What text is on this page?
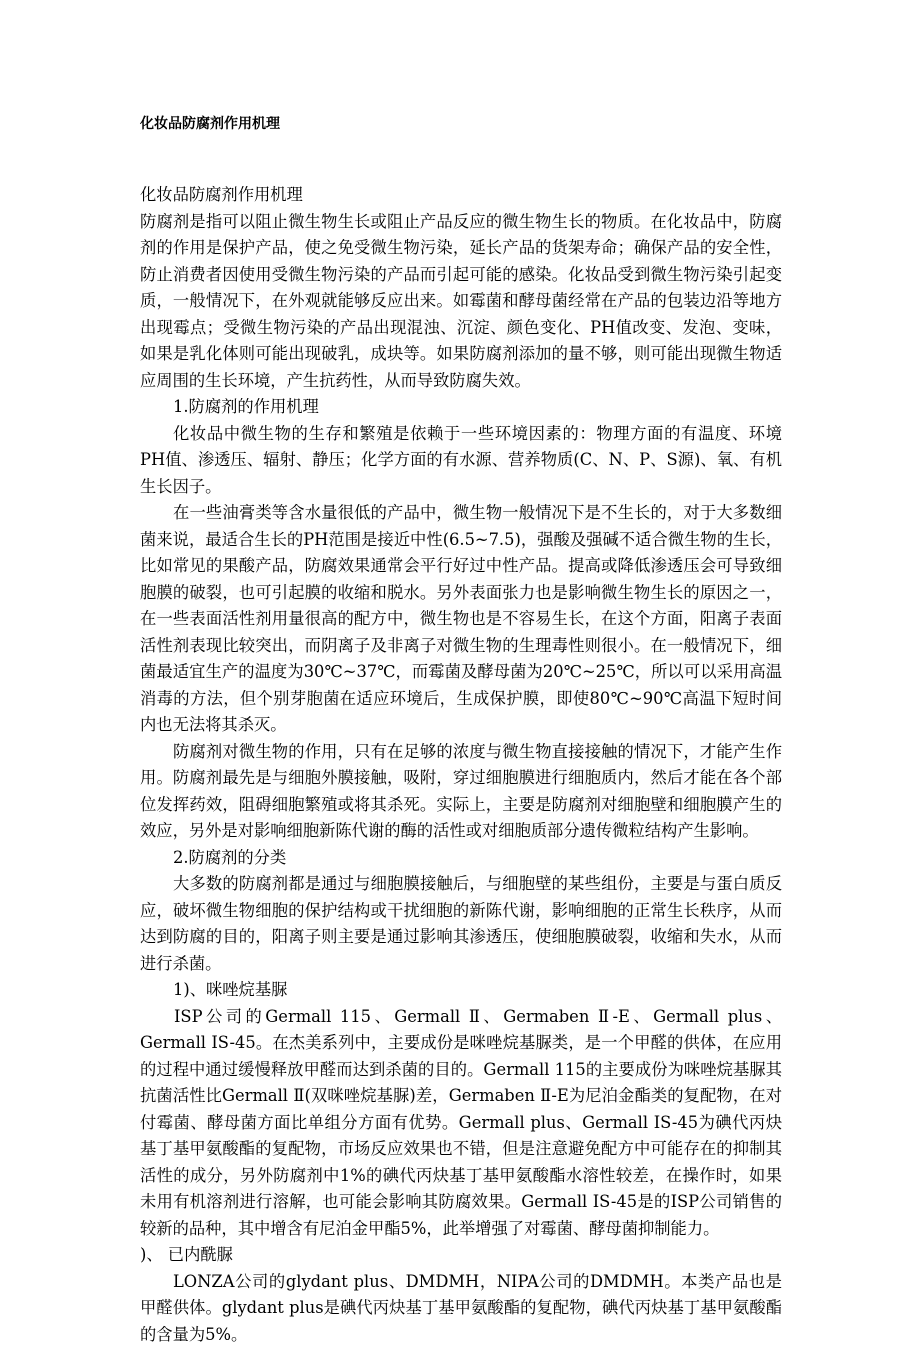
化妆品防腐剂作用机理

化妆品防腐剂作用机理

防腐剂是指可以阻止微生物生长或阻止产品反应的微生物生长的物质。在化妆品中，防腐剂的作用是保护产品，使之免受微生物污染，延长产品的货架寿命；确保产品的安全性，防止消费者因使用受微生物污染的产品而引起可能的感染。化妆品受到微生物污染引起变质，一般情况下，在外观就能够反应出来。如霉菌和酵母菌经常在产品的包装边沿等地方出现霉点；受微生物污染的产品出现混浊、沉淀、颜色变化、PH值改变、发泡、变味，如果是乳化体则可能出现破乳，成块等。如果防腐剂添加的量不够，则可能出现微生物适应周围的生长环境，产生抗药性，从而导致防腐失效。

1.防腐剂的作用机理

化妆品中微生物的生存和繁殖是依赖于一些环境因素的：物理方面的有温度、环境PH值、渗透压、辐射、静压；化学方面的有水源、营养物质(C、N、P、S源)、氧、有机生长因子。

在一些油膏类等含水量很低的产品中，微生物一般情况下是不生长的，对于大多数细菌来说，最适合生长的PH范围是接近中性(6.5~7.5)，强酸及强碱不适合微生物的生长，比如常见的果酸产品，防腐效果通常会平行好过中性产品。提高或降低渗透压会可导致细胞膜的破裂，也可引起膜的收缩和脱水。另外表面张力也是影响微生物生长的原因之一，在一些表面活性剂用量很高的配方中，微生物也是不容易生长，在这个方面，阳离子表面活性剂表现比较突出，而阴离子及非离子对微生物的生理毒性则很小。在一般情况下，细菌最适宜生产的温度为30℃~37℃，而霉菌及酵母菌为20℃~25℃，所以可以采用高温消毒的方法，但个别芽胞菌在适应环境后，生成保护膜，即使80℃~90℃高温下短时间内也无法将其杀灭。

防腐剂对微生物的作用，只有在足够的浓度与微生物直接接触的情况下，才能产生作用。防腐剂最先是与细胞外膜接触，吸附，穿过细胞膜进行细胞质内，然后才能在各个部位发挥药效，阻碍细胞繁殖或将其杀死。实际上，主要是防腐剂对细胞壁和细胞膜产生的效应，另外是对影响细胞新陈代谢的酶的活性或对细胞质部分遗传微粒结构产生影响。

2.防腐剂的分类

大多数的防腐剂都是通过与细胞膜接触后，与细胞壁的某些组份，主要是与蛋白质反应，破坏微生物细胞的保护结构或干扰细胞的新陈代谢，影响细胞的正常生长秩序，从而达到防腐的目的，阳离子则主要是通过影响其渗透压，使细胞膜破裂，收缩和失水，从而进行杀菌。

1)、咪唑烷基脲

ISP公司的Germall 115、Germall Ⅱ、Germaben Ⅱ-E、Germall plus、Germall IS-45。在杰美系列中，主要成份是咪唑烷基脲类，是一个甲醛的供体，在应用的过程中通过缓慢释放甲醛而达到杀菌的目的。Germall 115的主要成份为咪唑烷基脲其抗菌活性比Germall Ⅱ(双咪唑烷基脲)差，Germaben Ⅱ-E为尼泊金酯类的复配物，在对付霉菌、酵母菌方面比单组分方面有优势。Germall plus、Germall IS-45为碘代丙炔基丁基甲氨酸酯的复配物，市场反应效果也不错，但是注意避免配方中可能存在的抑制其活性的成分，另外防腐剂中1%的碘代丙炔基丁基甲氨酸酯水溶性较差，在操作时，如果未用有机溶剂进行溶解，也可能会影响其防腐效果。Germall IS-45是的ISP公司销售的较新的品种，其中增含有尼泊金甲酯5%，此举增强了对霉菌、酵母菌抑制能力。

)、 已内酰脲

LONZA公司的glydant plus、DMDMH，NIPA公司的DMDMH。本类产品也是甲醛供体。glydant plus是碘代丙炔基丁基甲氨酸酯的复配物，碘代丙炔基丁基甲氨酸酯的含量为5%。
